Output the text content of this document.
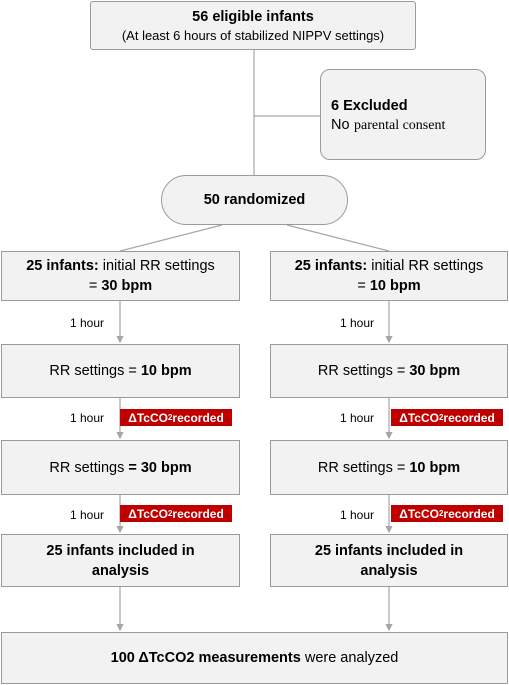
56 eligible infants
(At least 6 hours of stabilized NIPPV settings)
6 Excluded
No parental consent
50 randomized
25 infants: initial RR settings
= 30 bpm
1 hour
RR settings = 10 bpm
1 hour ΔTcCO 2 recorded
RR settings = 30 bpm
1 hour ΔTcCO 2 recorded
25 infants included in
analysis
25 infants: initial RR settings
= 10 bpm
1 hour
RR settings = 30 bpm
1 hour ΔTcCO 2 recorded
RR settings = 10 bpm
1 hour ΔTcCO 2 recorded
25 infants included in
analysis
100 ΔTcCO2 measurements were analyzed
